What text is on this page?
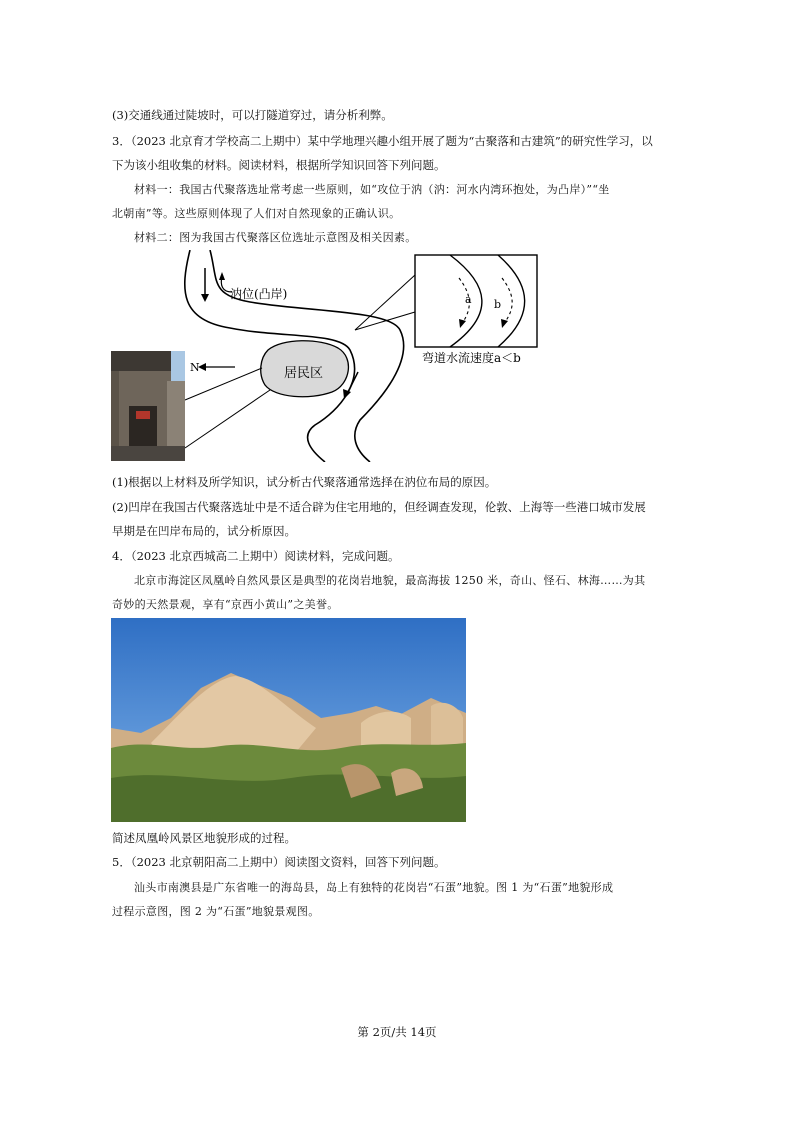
(3)交通线通过陡坡时，可以打隧道穿过，请分析利弊。
3．（2023 北京育才学校高二上期中）某中学地理兴趣小组开展了题为“古聚落和古建筑”的研究性学习，以
下为该小组收集的材料。阅读材料，根据所学知识回答下列问题。
材料一：我国古代聚落选址常考虑一些原则，如“攻位于汭（汭：河水内湾环抱处，为凸岸）”“坐
北朝南”等。这些原则体现了人们对自然现象的正确认识。
材料二：图为我国古代聚落区位选址示意图及相关因素。
汭位(凸岸)	a b
弯道水流速度a＜b
居民区
N
(1)根据以上材料及所学知识，试分析古代聚落通常选择在汭位布局的原因。
(2)凹岸在我国古代聚落选址中是不适合辟为住宅用地的，但经调查发现，伦敦、上海等一些港口城市发展
早期是在凹岸布局的，试分析原因。
4．（2023 北京西城高二上期中）阅读材料，完成问题。
北京市海淀区凤凰岭自然风景区是典型的花岗岩地貌，最高海拔 1250 米，奇山、怪石、林海……为其
奇妙的天然景观，享有“京西小黄山”之美誉。
简述凤凰岭风景区地貌形成的过程。
5．（2023 北京朝阳高二上期中）阅读图文资料，回答下列问题。
汕头市南澳县是广东省唯一的海岛县，岛上有独特的花岗岩“石蛋”地貌。图 1 为“石蛋”地貌形成
过程示意图，图 2 为“石蛋”地貌景观图。
第 2页/共 14页
